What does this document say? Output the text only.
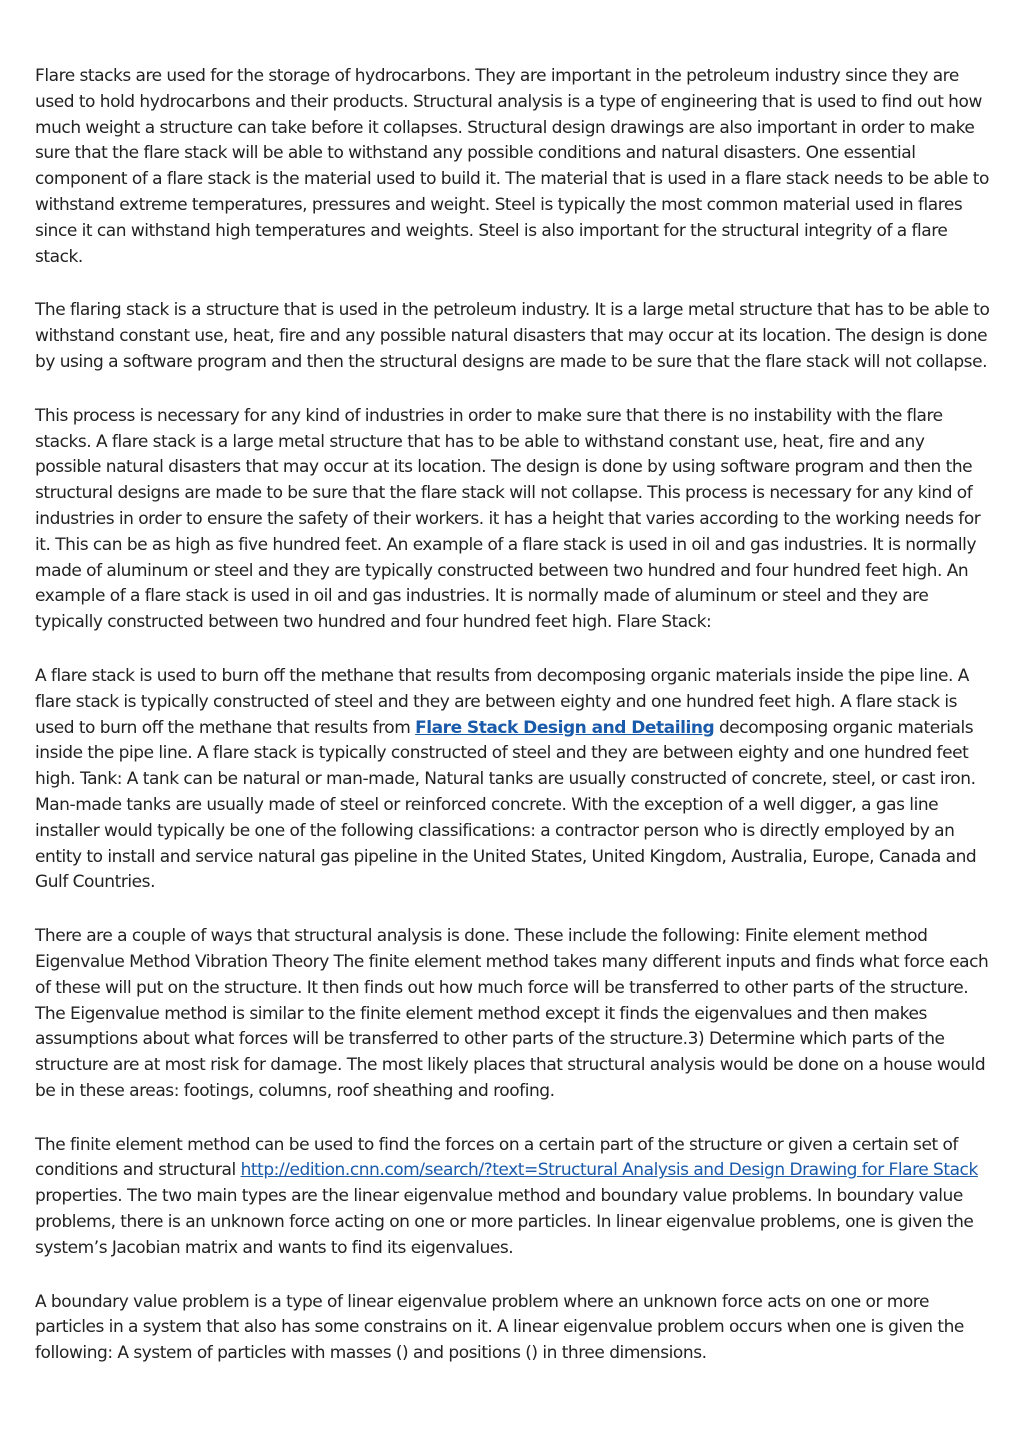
Flare stacks are used for the storage of hydrocarbons. They are important in the petroleum industry since they are used to hold hydrocarbons and their products. Structural analysis is a type of engineering that is used to find out how much weight a structure can take before it collapses. Structural design drawings are also important in order to make sure that the flare stack will be able to withstand any possible conditions and natural disasters. One essential component of a flare stack is the material used to build it. The material that is used in a flare stack needs to be able to withstand extreme temperatures, pressures and weight. Steel is typically the most common material used in flares since it can withstand high temperatures and weights. Steel is also important for the structural integrity of a flare stack.

The flaring stack is a structure that is used in the petroleum industry. It is a large metal structure that has to be able to withstand constant use, heat, fire and any possible natural disasters that may occur at its location. The design is done by using a software program and then the structural designs are made to be sure that the flare stack will not collapse.

This process is necessary for any kind of industries in order to make sure that there is no instability with the flare stacks. A flare stack is a large metal structure that has to be able to withstand constant use, heat, fire and any possible natural disasters that may occur at its location. The design is done by using software program and then the structural designs are made to be sure that the flare stack will not collapse. This process is necessary for any kind of industries in order to ensure the safety of their workers. it has a height that varies according to the working needs for it. This can be as high as five hundred feet. An example of a flare stack is used in oil and gas industries. It is normally made of aluminum or steel and they are typically constructed between two hundred and four hundred feet high. An example of a flare stack is used in oil and gas industries. It is normally made of aluminum or steel and they are typically constructed between two hundred and four hundred feet high. Flare Stack:

A flare stack is used to burn off the methane that results from decomposing organic materials inside the pipe line. A flare stack is typically constructed of steel and they are between eighty and one hundred feet high. A flare stack is used to burn off the methane that results from Flare Stack Design and Detailing decomposing organic materials inside the pipe line. A flare stack is typically constructed of steel and they are between eighty and one hundred feet high. Tank: A tank can be natural or man-made, Natural tanks are usually constructed of concrete, steel, or cast iron. Man-made tanks are usually made of steel or reinforced concrete. With the exception of a well digger, a gas line installer would typically be one of the following classifications: a contractor person who is directly employed by an entity to install and service natural gas pipeline in the United States, United Kingdom, Australia, Europe, Canada and Gulf Countries.

There are a couple of ways that structural analysis is done. These include the following: Finite element method Eigenvalue Method Vibration Theory The finite element method takes many different inputs and finds what force each of these will put on the structure. It then finds out how much force will be transferred to other parts of the structure. The Eigenvalue method is similar to the finite element method except it finds the eigenvalues and then makes assumptions about what forces will be transferred to other parts of the structure.3) Determine which parts of the structure are at most risk for damage. The most likely places that structural analysis would be done on a house would be in these areas: footings, columns, roof sheathing and roofing.

The finite element method can be used to find the forces on a certain part of the structure or given a certain set of conditions and structural http://edition.cnn.com/search/?text=Structural Analysis and Design Drawing for Flare Stack properties. The two main types are the linear eigenvalue method and boundary value problems. In boundary value problems, there is an unknown force acting on one or more particles. In linear eigenvalue problems, one is given the system’s Jacobian matrix and wants to find its eigenvalues.

A boundary value problem is a type of linear eigenvalue problem where an unknown force acts on one or more particles in a system that also has some constrains on it. A linear eigenvalue problem occurs when one is given the following: A system of particles with masses () and positions () in three dimensions.
